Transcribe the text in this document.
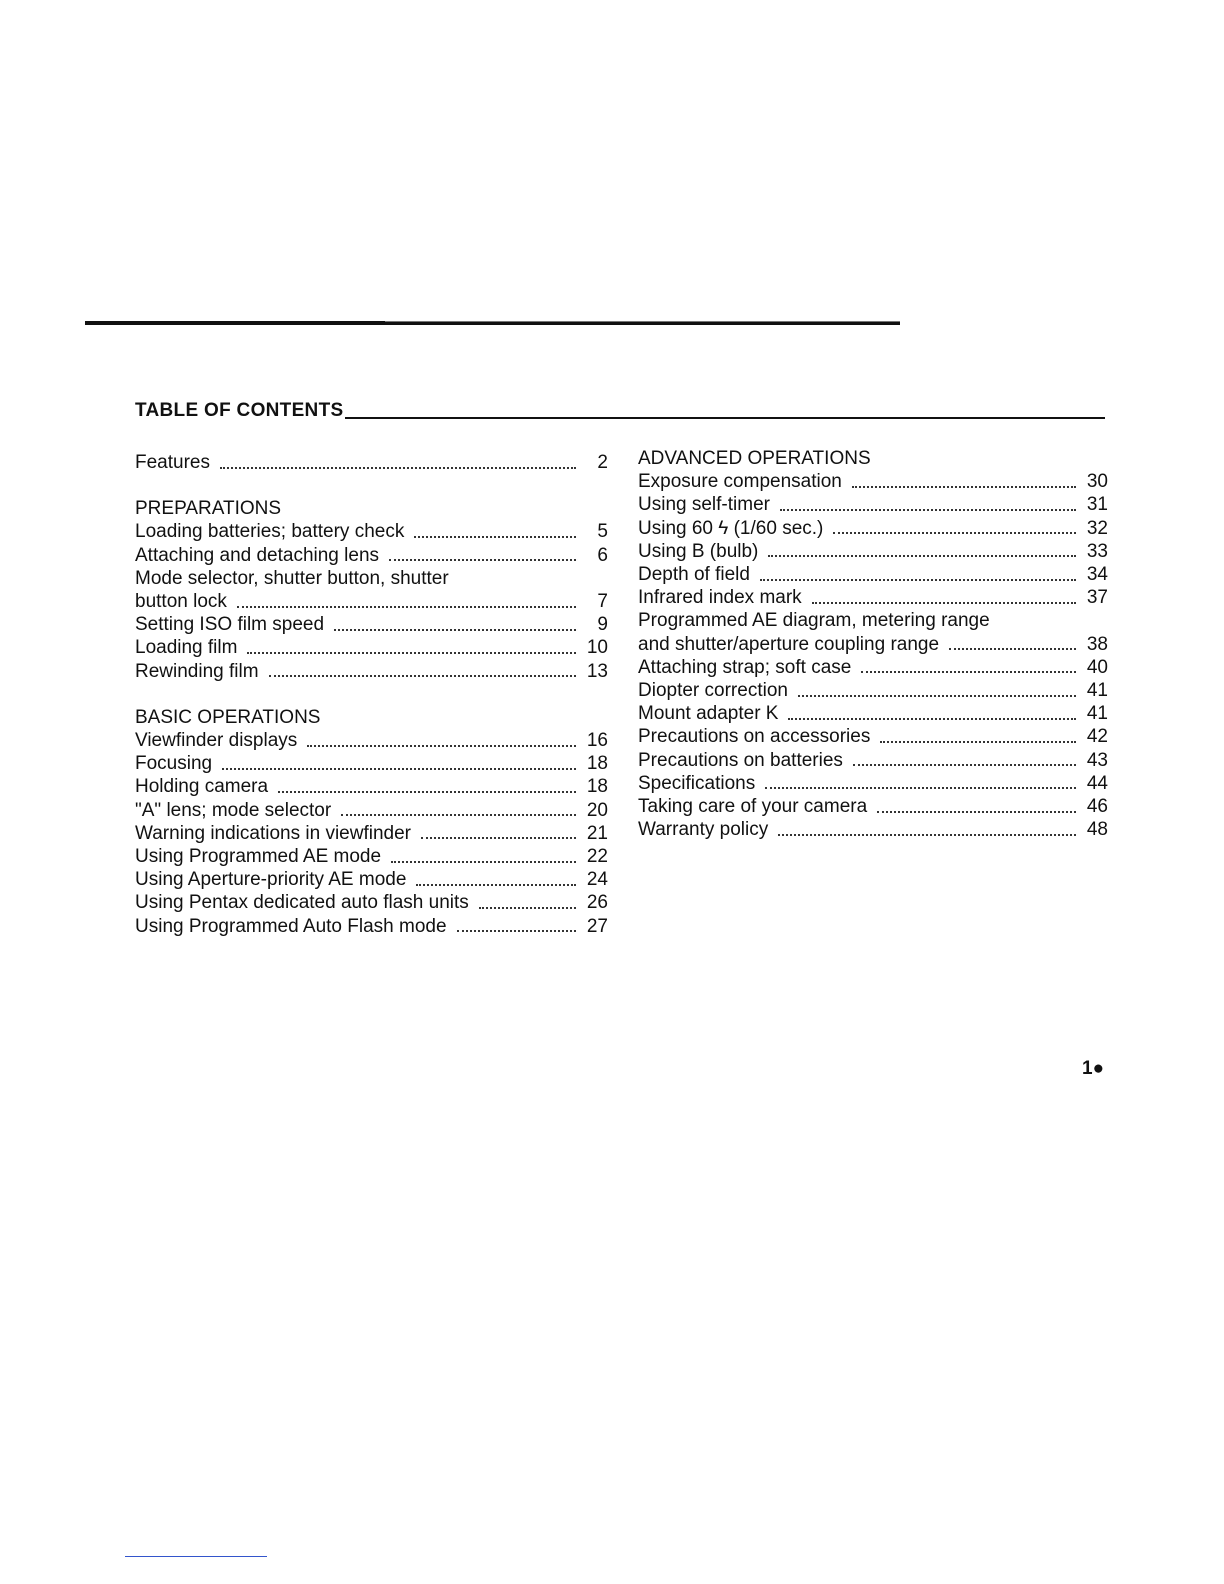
TABLE OF CONTENTS
Features	2
PREPARATIONS
Loading batteries; battery check	5
Attaching and detaching lens	6
Mode selector, shutter button, shutter
button lock	7
Setting ISO film speed	9
Loading film	10
Rewinding film	13
BASIC OPERATIONS
Viewfinder displays	16
Focusing	18
Holding camera	18
"A" lens; mode selector	20
Warning indications in viewfinder	21
Using Programmed AE mode	22
Using Aperture-priority AE mode	24
Using Pentax dedicated auto flash units	26
Using Programmed Auto Flash mode	27
ADVANCED OPERATIONS
Exposure compensation	30
Using self-timer	31
Using 60 ϟ (1/60 sec.)	32
Using B (bulb)	33
Depth of field	34
Infrared index mark	37
Programmed AE diagram, metering range
and shutter/aperture coupling range	38
Attaching strap; soft case	40
Diopter correction	41
Mount adapter K	41
Precautions on accessories	42
Precautions on batteries	43
Specifications	44
Taking care of your camera	46
Warranty policy	48
1●
